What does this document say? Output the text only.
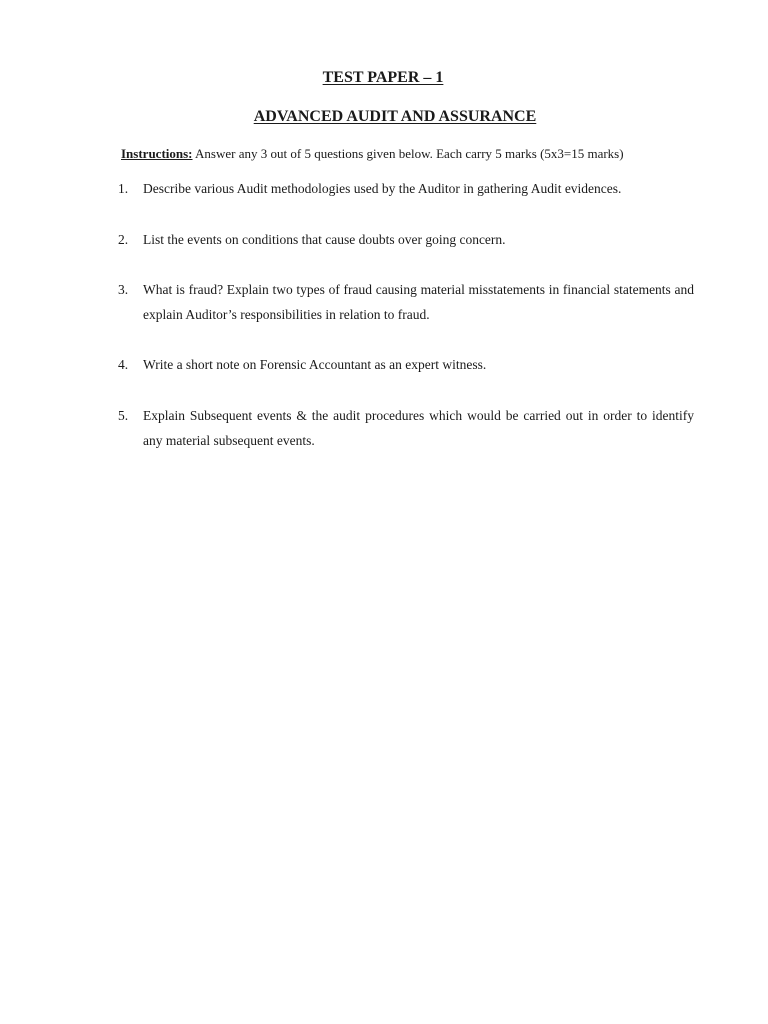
TEST PAPER – 1
ADVANCED AUDIT AND ASSURANCE

Instructions: Answer any 3 out of 5 questions given below. Each carry 5 marks (5x3=15 marks)

1. Describe various Audit methodologies used by the Auditor in gathering Audit evidences.
2. List the events on conditions that cause doubts over going concern.
3. What is fraud? Explain two types of fraud causing material misstatements in financial statements and explain Auditor’s responsibilities in relation to fraud.
4. Write a short note on Forensic Accountant as an expert witness.
5. Explain Subsequent events & the audit procedures which would be carried out in order to identify any material subsequent events.
